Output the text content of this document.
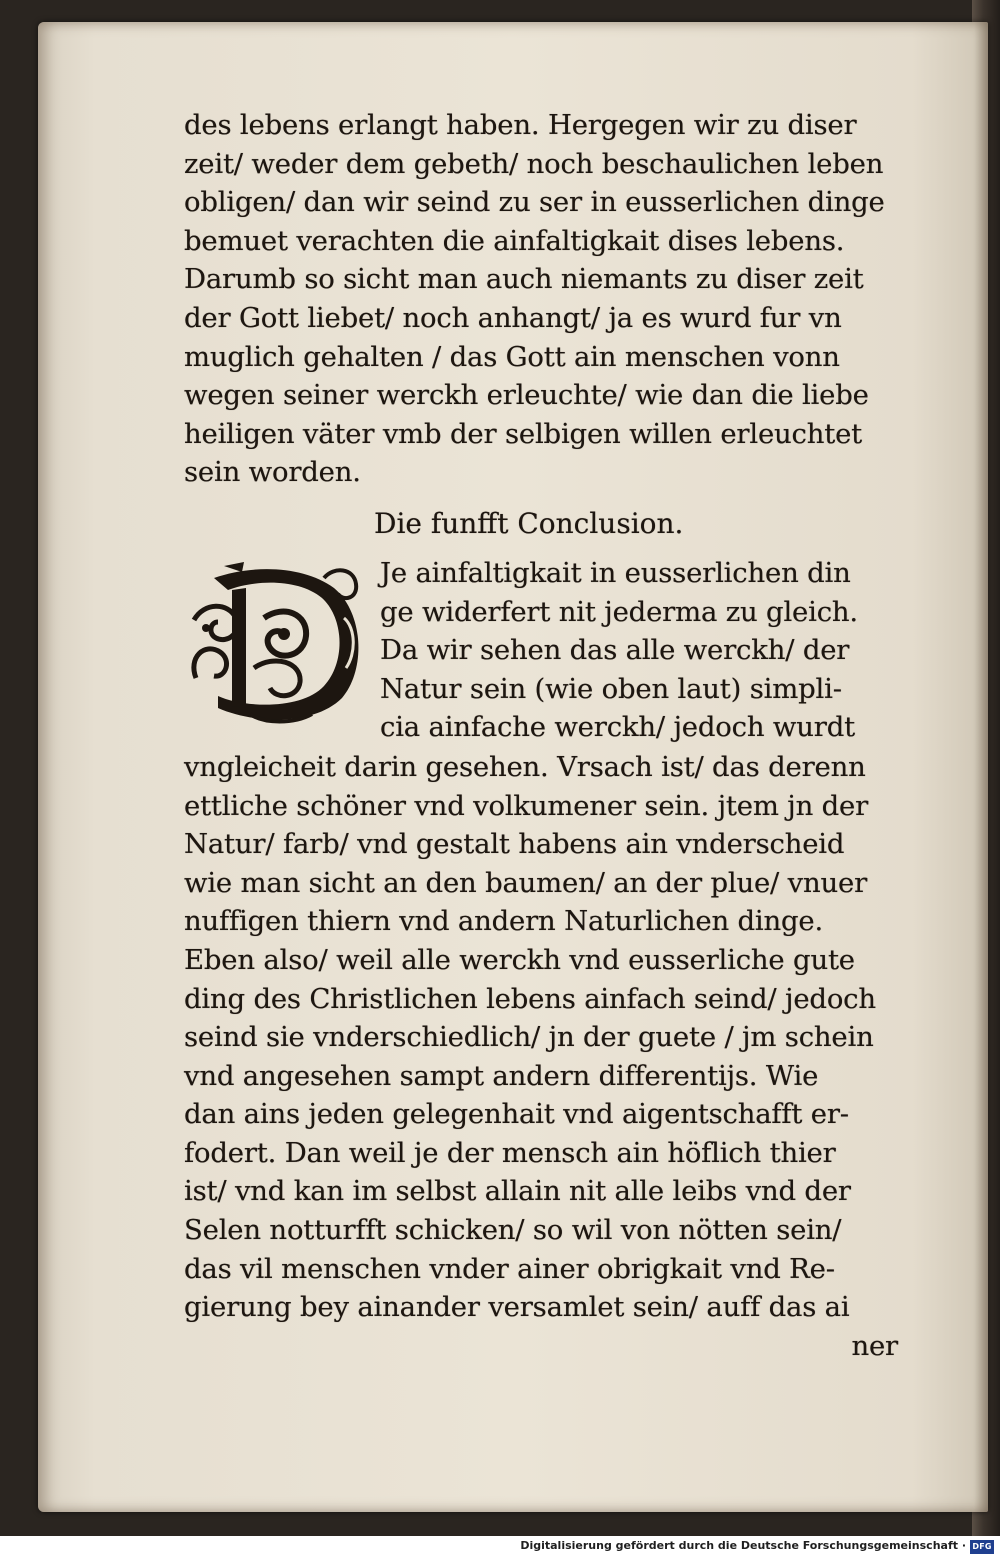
des lebens erlangt haben. Hergegen wir zu diser
zeit/ weder dem gebeth/ noch beschaulichen leben
obligen/ dan wir seind zu ser in eusserlichen dinge
bemuet verachten die ainfaltigkait dises lebens.
Darumb so sicht man auch niemants zu diser zeit
der Gott liebet/ noch anhangt/ ja es wurd fur vn
muglich gehalten / das Gott ain menschen vonn
wegen seiner werckh erleuchte/ wie dan die liebe
heiligen väter vmb der selbigen willen erleuchtet
sein worden.
Die funfft Conclusion.
Je ainfaltigkait in eusserlichen din
ge widerfert nit jederma zu gleich.
Da wir sehen das alle werckh/ der
Natur sein (wie oben laut) simpli-
cia ainfache werckh/ jedoch wurdt
vngleicheit darin gesehen. Vrsach ist/ das derenn
ettliche schöner vnd volkumener sein. jtem jn der
Natur/ farb/ vnd gestalt habens ain vnderscheid
wie man sicht an den baumen/ an der plue/ vnuer
nuffigen thiern vnd andern Naturlichen dinge.
Eben also/ weil alle werckh vnd eusserliche gute
ding des Christlichen lebens ainfach seind/ jedoch
seind sie vnderschiedlich/ jn der guete / jm schein
vnd angesehen sampt andern differentijs. Wie
dan ains jeden gelegenhait vnd aigentschafft er-
fodert. Dan weil je der mensch ain höflich thier
ist/ vnd kan im selbst allain nit alle leibs vnd der
Selen notturfft schicken/ so wil von nötten sein/
das vil menschen vnder ainer obrigkait vnd Re-
gierung bey ainander versamlet sein/ auff das ai
ner
Digitalisierung gefördert durch die Deutsche Forschungsgemeinschaft · DFG
